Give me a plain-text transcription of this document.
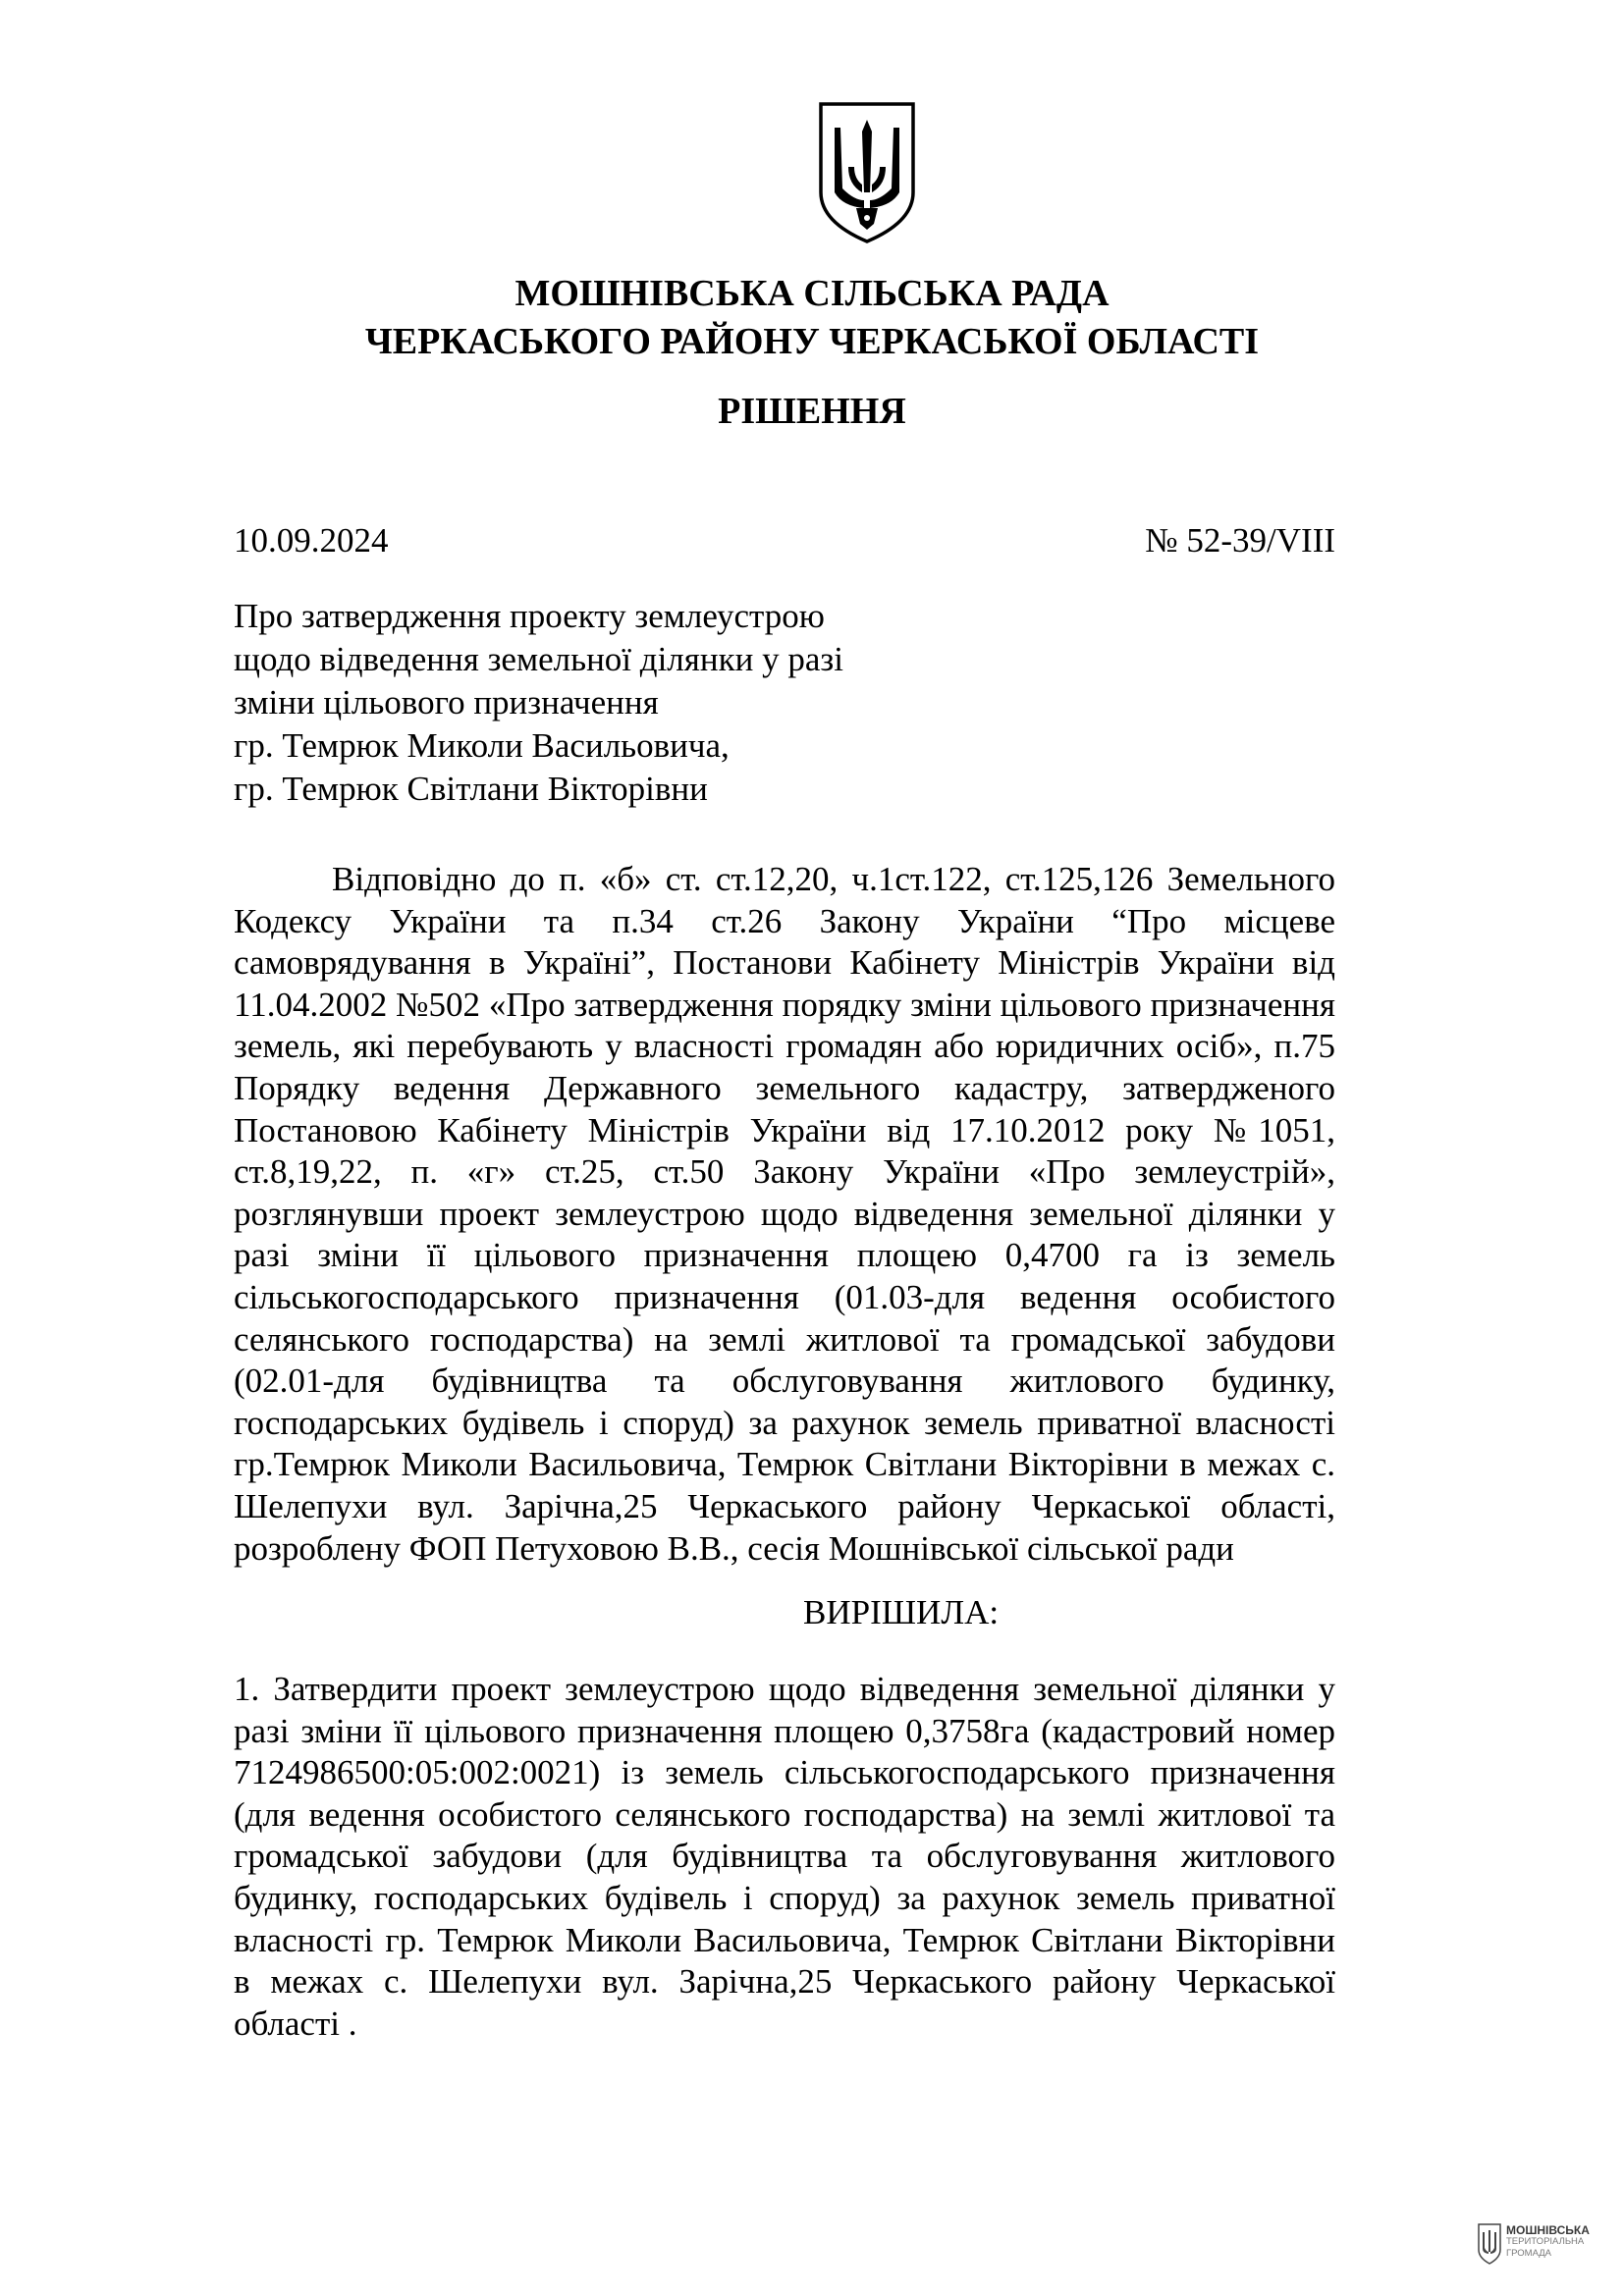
МОШНІВСЬКА СІЛЬСЬКА РАДА
ЧЕРКАСЬКОГО РАЙОНУ ЧЕРКАСЬКОЇ ОБЛАСТІ
РІШЕННЯ
10.09.2024	№ 52-39/VIII
Про затвердження проекту землеустрою
щодо відведення земельної ділянки у разі
зміни цільового призначення
гр. Темрюк Миколи Васильовича,
гр. Темрюк Світлани Вікторівни
Відповідно до п. «б» ст. ст.12,20, ч.1ст.122, ст.125,126 Земельного Кодексу України та п.34 ст.26 Закону України “Про місцеве самоврядування в Україні”, Постанови Кабінету Міністрів України від 11.04.2002 №502 «Про затвердження порядку зміни цільового призначення земель, які перебувають у власності громадян або юридичних осіб», п.75 Порядку ведення Державного земельного кадастру, затвердженого Постановою Кабінету Міністрів України від 17.10.2012 року №1051, ст.8,19,22, п. «г» ст.25, ст.50 Закону України «Про землеустрій», розглянувши проект землеустрою щодо відведення земельної ділянки у разі зміни її цільового призначення площею 0,4700 га із земель сільськогосподарського призначення (01.03-для ведення особистого селянського господарства) на землі житлової та громадської забудови (02.01-для будівництва та обслуговування житлового будинку, господарських будівель і споруд) за рахунок земель приватної власності гр.Темрюк Миколи Васильовича, Темрюк Світлани Вікторівни в межах с. Шелепухи вул. Зарічна,25 Черкаського району Черкаської області, розроблену ФОП Петуховою В.В., сесія Мошнівської сільської ради
ВИРІШИЛА:
1. Затвердити проект землеустрою щодо відведення земельної ділянки у разі зміни її цільового призначення площею 0,3758га (кадастровий номер 7124986500:05:002:0021) із земель сільськогосподарського призначення (для ведення особистого селянського господарства) на землі житлової та громадської забудови (для будівництва та обслуговування житлового будинку, господарських будівель і споруд) за рахунок земель приватної власності гр. Темрюк Миколи Васильовича, Темрюк Світлани Вікторівни в межах с. Шелепухи вул. Зарічна,25 Черкаського району Черкаської області .
МОШНІВСЬКА
ТЕРИТОРІАЛЬНА
ГРОМАДА
